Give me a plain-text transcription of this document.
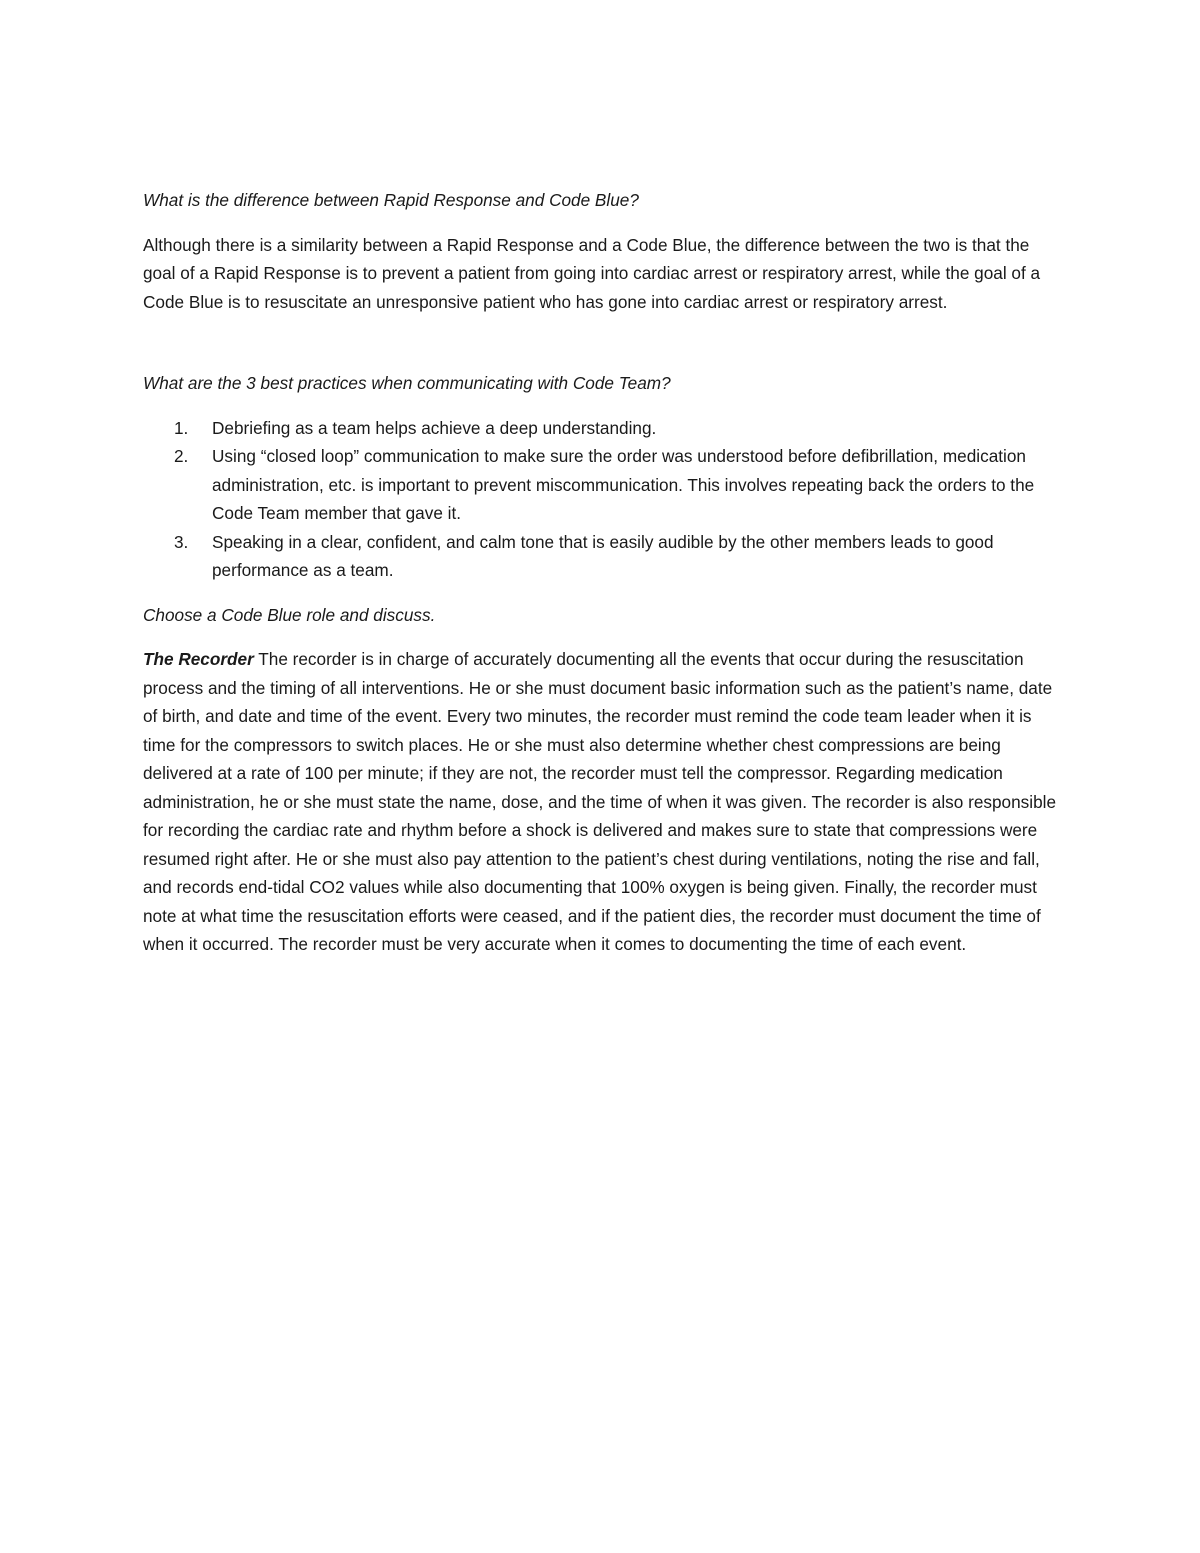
What is the difference between Rapid Response and Code Blue?

Although there is a similarity between a Rapid Response and a Code Blue, the difference between the two is that the goal of a Rapid Response is to prevent a patient from going into cardiac arrest or respiratory arrest, while the goal of a Code Blue is to resuscitate an unresponsive patient who has gone into cardiac arrest or respiratory arrest.

What are the 3 best practices when communicating with Code Team?

1. Debriefing as a team helps achieve a deep understanding.
2. Using “closed loop” communication to make sure the order was understood before defibrillation, medication administration, etc. is important to prevent miscommunication. This involves repeating back the orders to the Code Team member that gave it.
3. Speaking in a clear, confident, and calm tone that is easily audible by the other members leads to good performance as a team.

Choose a Code Blue role and discuss.

The Recorder The recorder is in charge of accurately documenting all the events that occur during the resuscitation process and the timing of all interventions. He or she must document basic information such as the patient’s name, date of birth, and date and time of the event. Every two minutes, the recorder must remind the code team leader when it is time for the compressors to switch places. He or she must also determine whether chest compressions are being delivered at a rate of 100 per minute; if they are not, the recorder must tell the compressor. Regarding medication administration, he or she must state the name, dose, and the time of when it was given. The recorder is also responsible for recording the cardiac rate and rhythm before a shock is delivered and makes sure to state that compressions were resumed right after. He or she must also pay attention to the patient’s chest during ventilations, noting the rise and fall, and records end-tidal CO2 values while also documenting that 100% oxygen is being given. Finally, the recorder must note at what time the resuscitation efforts were ceased, and if the patient dies, the recorder must document the time of when it occurred. The recorder must be very accurate when it comes to documenting the time of each event.
